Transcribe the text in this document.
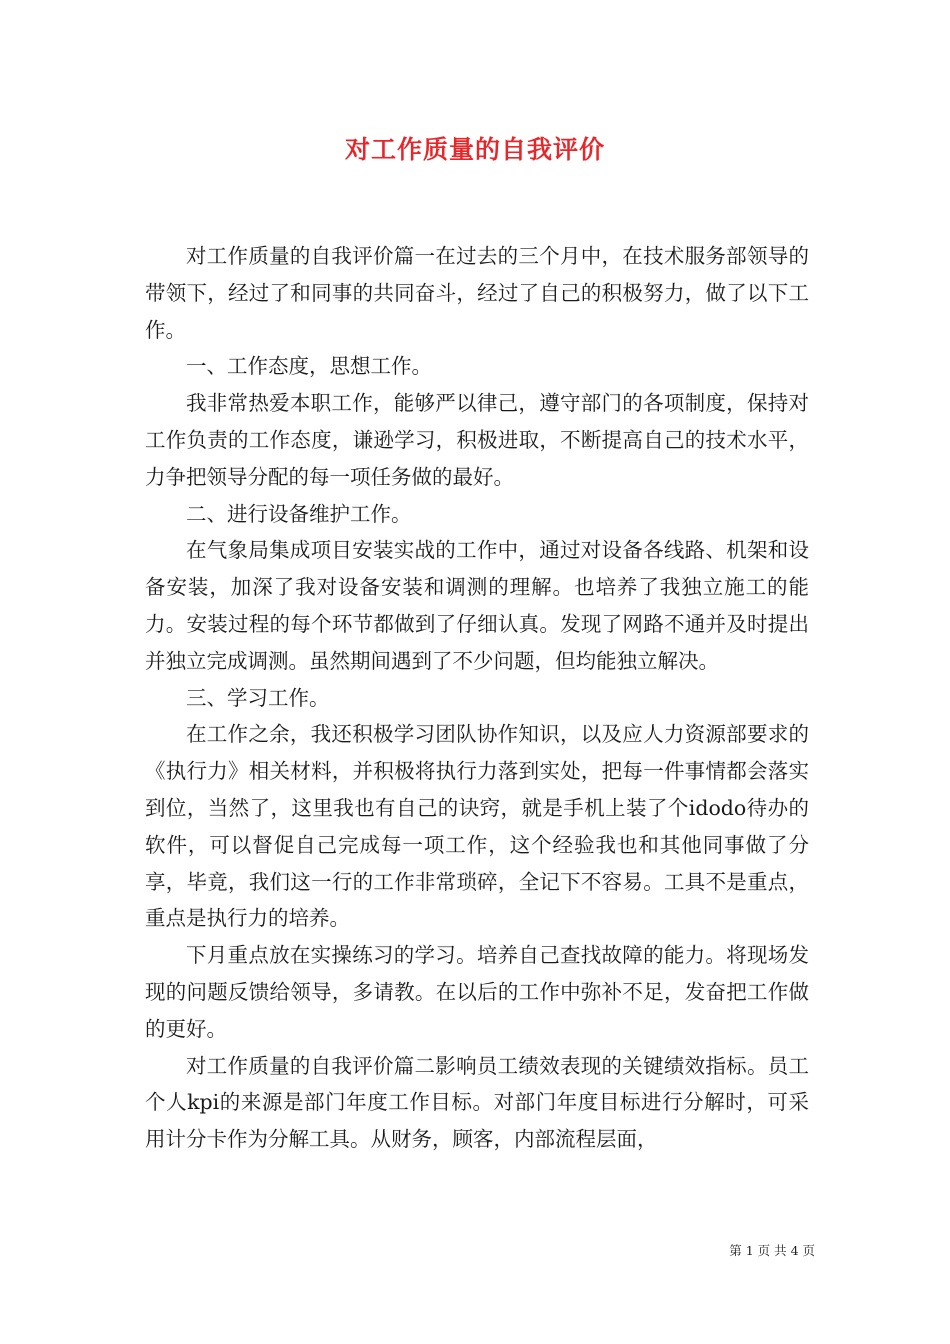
对工作质量的自我评价

对工作质量的自我评价篇一在过去的三个月中，在技术服务部领导的带领下，经过了和同事的共同奋斗，经过了自己的积极努力，做了以下工作。

一、工作态度，思想工作。

我非常热爱本职工作，能够严以律己，遵守部门的各项制度，保持对工作负责的工作态度，谦逊学习，积极进取，不断提高自己的技术水平，力争把领导分配的每一项任务做的最好。

二、进行设备维护工作。

在气象局集成项目安装实战的工作中，通过对设备各线路、机架和设备安装，加深了我对设备安装和调测的理解。也培养了我独立施工的能力。安装过程的每个环节都做到了仔细认真。发现了网路不通并及时提出并独立完成调测。虽然期间遇到了不少问题，但均能独立解决。

三、学习工作。

在工作之余，我还积极学习团队协作知识，以及应人力资源部要求的《执行力》相关材料，并积极将执行力落到实处，把每一件事情都会落实到位，当然了，这里我也有自己的诀窍，就是手机上装了个idodo待办的软件，可以督促自己完成每一项工作，这个经验我也和其他同事做了分享，毕竟，我们这一行的工作非常琐碎，全记下不容易。工具不是重点，重点是执行力的培养。

下月重点放在实操练习的学习。培养自己查找故障的能力。将现场发现的问题反馈给领导，多请教。在以后的工作中弥补不足，发奋把工作做的更好。

对工作质量的自我评价篇二影响员工绩效表现的关键绩效指标。员工个人kpi的来源是部门年度工作目标。对部门年度目标进行分解时，可采用计分卡作为分解工具。从财务，顾客，内部流程层面，

第 1 页 共 4 页
